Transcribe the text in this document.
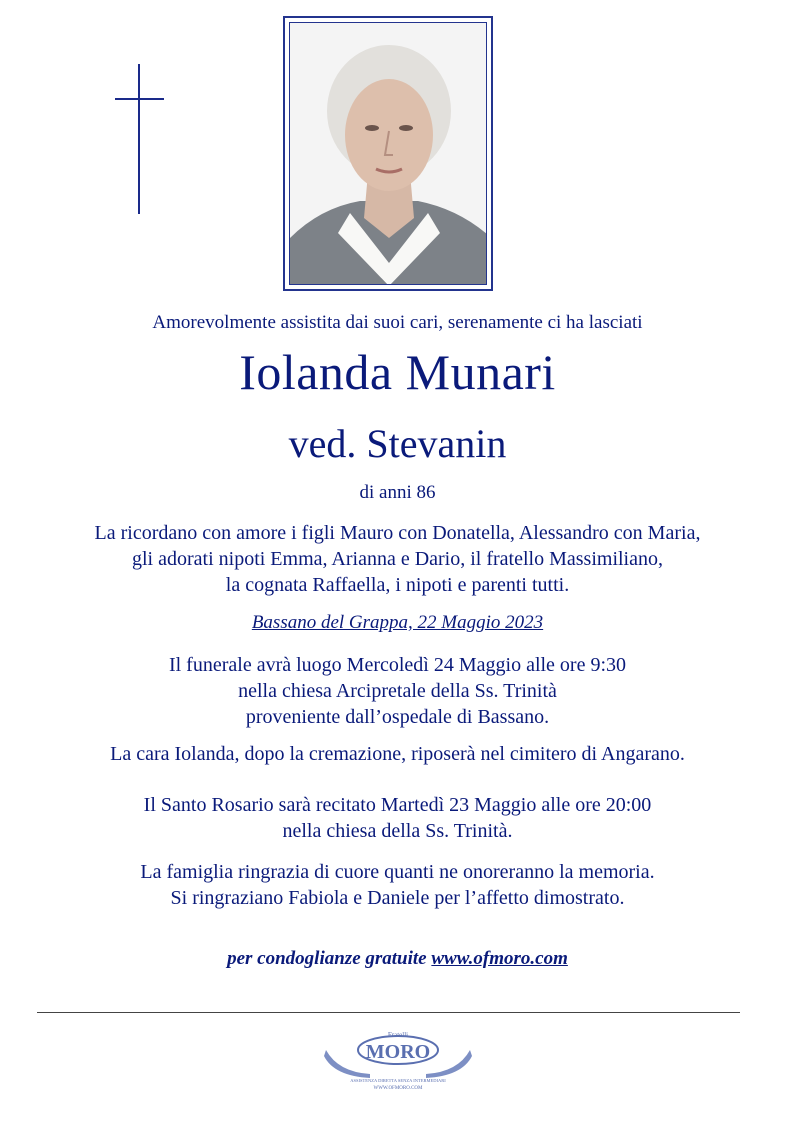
Amorevolmente assistita dai suoi cari, serenamente ci ha lasciati
Iolanda Munari
ved. Stevanin
di anni 86
La ricordano con amore i figli Mauro con Donatella, Alessandro con Maria,
gli adorati nipoti Emma, Arianna e Dario, il fratello Massimiliano,
la cognata Raffaella, i nipoti e parenti tutti.
Bassano del Grappa, 22 Maggio 2023
Il funerale avrà luogo Mercoledì 24 Maggio alle ore 9:30
nella chiesa Arcipretale della Ss. Trinità
proveniente dall’ospedale di Bassano.
La cara Iolanda, dopo la cremazione, riposerà nel cimitero di Angarano.
Il Santo Rosario sarà recitato Martedì 23 Maggio alle ore 20:00
nella chiesa della Ss. Trinità.
La famiglia ringrazia di cuore quanti ne onoreranno la memoria.
Si ringraziano Fabiola e Daniele per l’affetto dimostrato.
per condoglianze gratuite www.ofmoro.com
Fratelli
MORO
ASSISTENZA DIRETTA SENZA INTERMEDIARI
WWW.OFMORO.COM
